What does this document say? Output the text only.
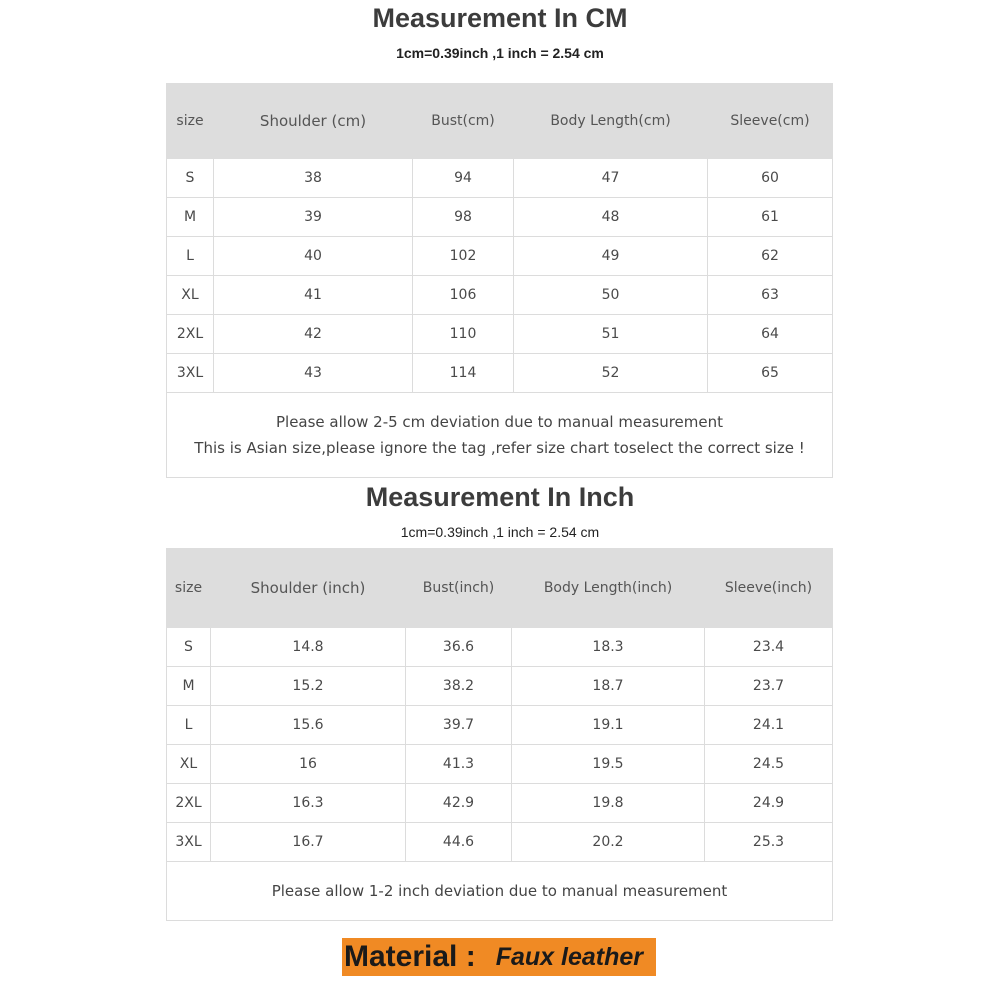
Measurement In CM
1cm=0.39inch ,1 inch = 2.54 cm
size	Shoulder (cm)	Bust(cm)	Body Length(cm)	Sleeve(cm)
S	38	94	47	60
M	39	98	48	61
L	40	102	49	62
XL	41	106	50	63
2XL	42	110	51	64
3XL	43	114	52	65

Please allow 2-5 cm deviation due to manual measurement
This is Asian size,please ignore the tag ,refer size chart toselect the correct size !				
Measurement In Inch
1cm=0.39inch ,1 inch = 2.54 cm
size	Shoulder (inch)	Bust(inch)	Body Length(inch)	Sleeve(inch)
S	14.8	36.6	18.3	23.4
M	15.2	38.2	18.7	23.7
L	15.6	39.7	19.1	24.1
XL	16	41.3	19.5	24.5
2XL	16.3	42.9	19.8	24.9
3XL	16.7	44.6	20.2	25.3
Please allow 1-2 inch deviation due to manual measurement				
Material : Faux leather
